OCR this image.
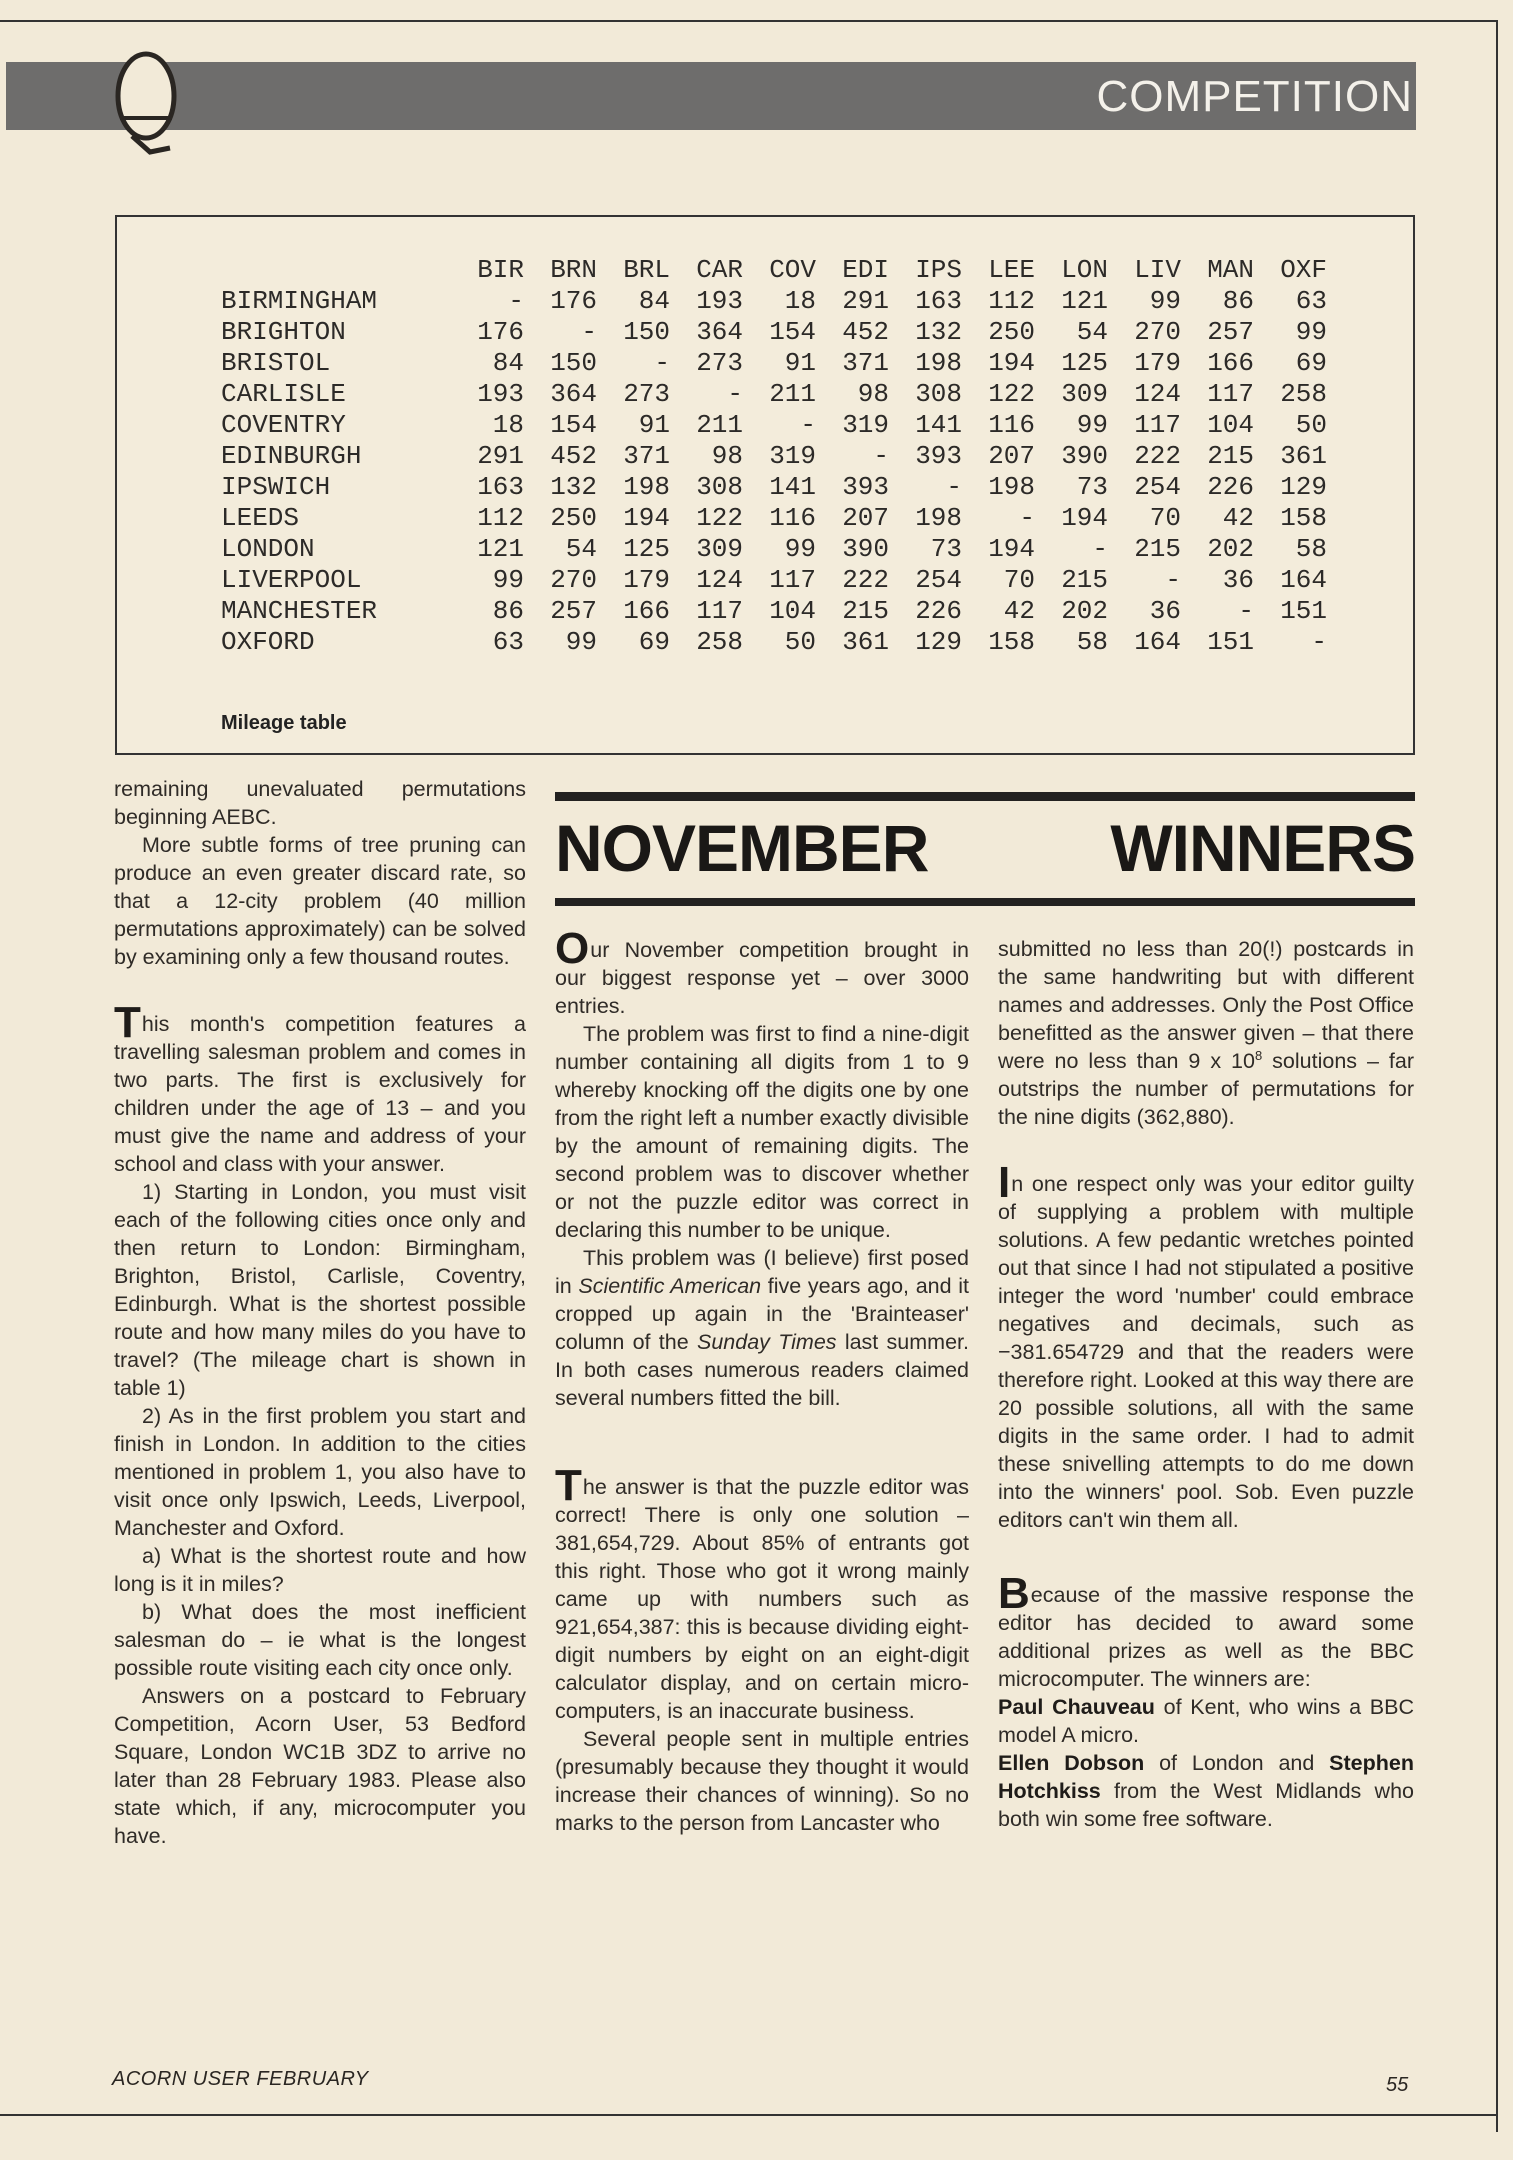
COMPETITION
	BIR	BRN	BRL	CAR	COV	EDI	IPS	LEE	LON	LIV	MAN	OXF
BIRMINGHAM	-	176	84	193	18	291	163	112	121	99	86	63
BRIGHTON	176	-	150	364	154	452	132	250	54	270	257	99
BRISTOL	84	150	-	273	91	371	198	194	125	179	166	69
CARLISLE	193	364	273	-	211	98	308	122	309	124	117	258
COVENTRY	18	154	91	211	-	319	141	116	99	117	104	50
EDINBURGH	291	452	371	98	319	-	393	207	390	222	215	361
IPSWICH	163	132	198	308	141	393	-	198	73	254	226	129
LEEDS	112	250	194	122	116	207	198	-	194	70	42	158
LONDON	121	54	125	309	99	390	73	194	-	215	202	58
LIVERPOOL	99	270	179	124	117	222	254	70	215	-	36	164
MANCHESTER	86	257	166	117	104	215	226	42	202	36	-	151
OXFORD	63	99	69	258	50	361	129	158	58	164	151	-
Mileage table

remaining unevaluated permutations beginning AEBC.

More subtle forms of tree pruning can produce an even greater discard rate, so that a 12-city problem (40 million permutations approximately) can be solved by examining only a few thousand routes.

This month's competition features a travelling salesman problem and comes in two parts. The first is exclusively for children under the age of 13 – and you must give the name and address of your school and class with your answer.

1) Starting in London, you must visit each of the following cities once only and then return to London: Birmingham, Brighton, Bristol, Carlisle, Coventry, Edinburgh. What is the shortest possible route and how many miles do you have to travel? (The mileage chart is shown in table 1)

2) As in the first problem you start and finish in London. In addition to the cities mentioned in problem 1, you also have to visit once only Ipswich, Leeds, Liverpool, Manchester and Oxford.

a) What is the shortest route and how long is it in miles?

b) What does the most inefficient salesman do – ie what is the longest possible route visiting each city once only.

Answers on a postcard to February Competition, Acorn User, 53 Bedford Square, London WC1B 3DZ to arrive no later than 28 February 1983. Please also state which, if any, microcomputer you have.

NOVEMBER WINNERS

Our November competition brought in our biggest response yet – over 3000 entries.

The problem was first to find a nine-digit number containing all digits from 1 to 9 whereby knocking off the digits one by one from the right left a number exactly divisible by the amount of remaining digits. The second problem was to discover whether or not the puzzle editor was correct in declaring this number to be unique.

This problem was (I believe) first posed in Scientific American five years ago, and it cropped up again in the 'Brainteaser' column of the Sunday Times last summer. In both cases numerous readers claimed several numbers fitted the bill.

The answer is that the puzzle editor was correct! There is only one solution – 381,654,729. About 85% of entrants got this right. Those who got it wrong mainly came up with numbers such as 921,654,387: this is because dividing eight-digit numbers by eight on an eight-digit calculator display, and on certain micro-computers, is an inaccurate business.

Several people sent in multiple entries (presumably because they thought it would increase their chances of winning). So no marks to the person from Lancaster who

submitted no less than 20(!) postcards in the same handwriting but with different names and addresses. Only the Post Office benefitted as the answer given – that there were no less than 9 x $10^8$ solutions – far outstrips the number of permutations for the nine digits (362,880).

In one respect only was your editor guilty of supplying a problem with multiple solutions. A few pedantic wretches pointed out that since I had not stipulated a positive integer the word 'number' could embrace negatives and decimals, such as −381.654729 and that the readers were therefore right. Looked at this way there are 20 possible solutions, all with the same digits in the same order. I had to admit these snivelling attempts to do me down into the winners' pool. Sob. Even puzzle editors can't win them all.

Because of the massive response the editor has decided to award some additional prizes as well as the BBC microcomputer. The winners are:

Paul Chauveau of Kent, who wins a BBC model A micro.

Ellen Dobson of London and Stephen Hotchkiss from the West Midlands who both win some free software.

ACORN USER FEBRUARY	55
